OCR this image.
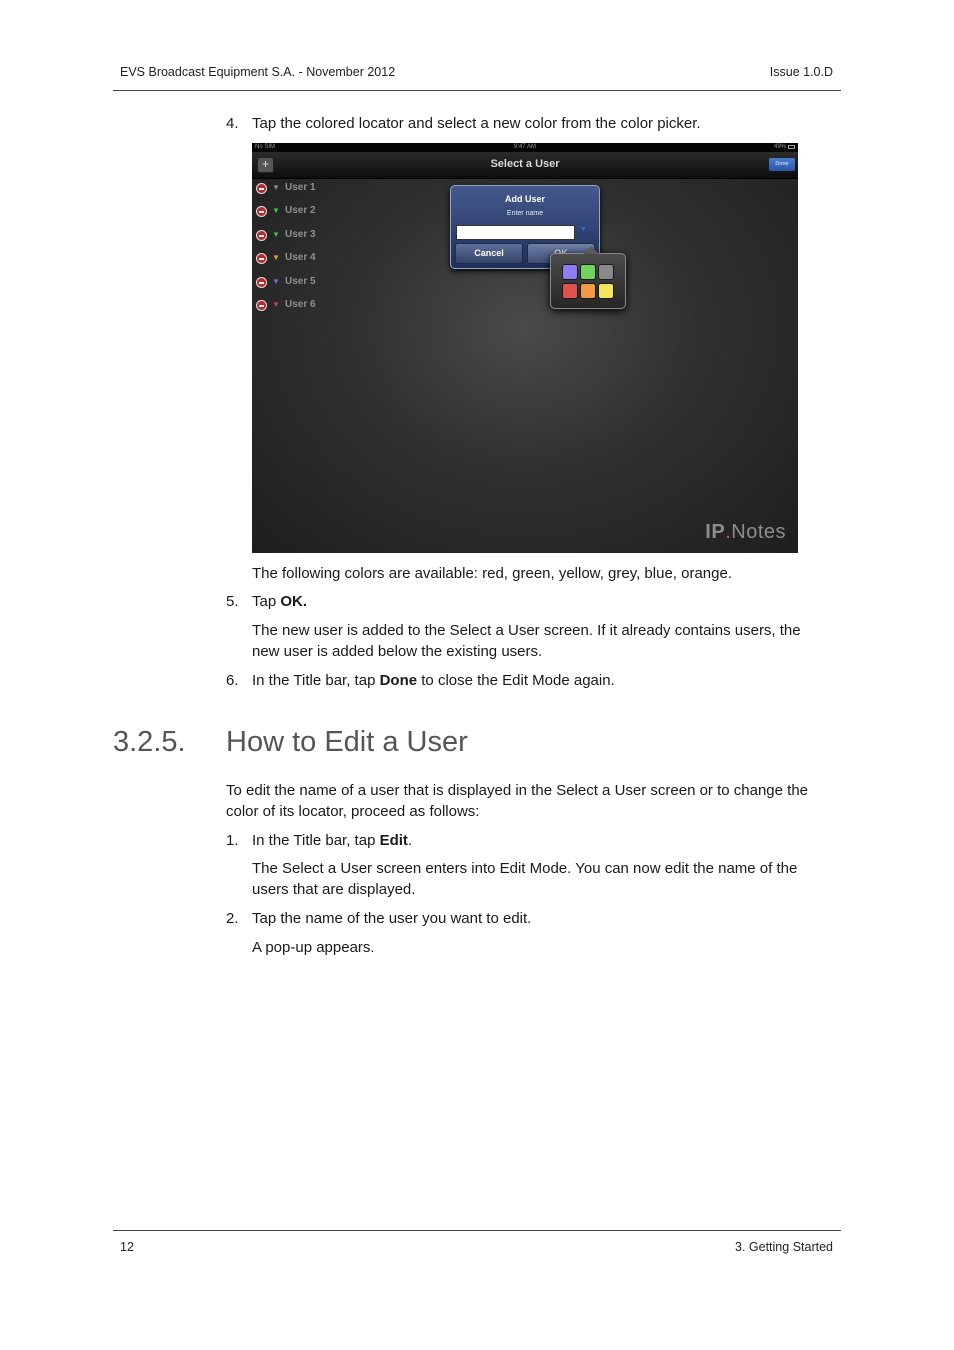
EVS Broadcast Equipment S.A. - November 2012	Issue 1.0.D
4. Tap the colored locator and select a new color from the color picker.
No SIM	9:47 AM	49%
+	Select a User	Done
▼ User 1
▼ User 2
▼ User 3
▼ User 4
▼ User 5
▼ User 6
Add User
Enter name
▼
Cancel
IP.Notes
The following colors are available: red, green, yellow, grey, blue, orange.
5. Tap OK.
The new user is added to the Select a User screen. If it already contains users, the new user is added below the existing users.
6. In the Title bar, tap Done to close the Edit Mode again.
3.2.5. How to Edit a User
To edit the name of a user that is displayed in the Select a User screen or to change the color of its locator, proceed as follows:
1. In the Title bar, tap Edit.
The Select a User screen enters into Edit Mode. You can now edit the name of the users that are displayed.
2. Tap the name of the user you want to edit.
A pop-up appears.
12	3. Getting Started
